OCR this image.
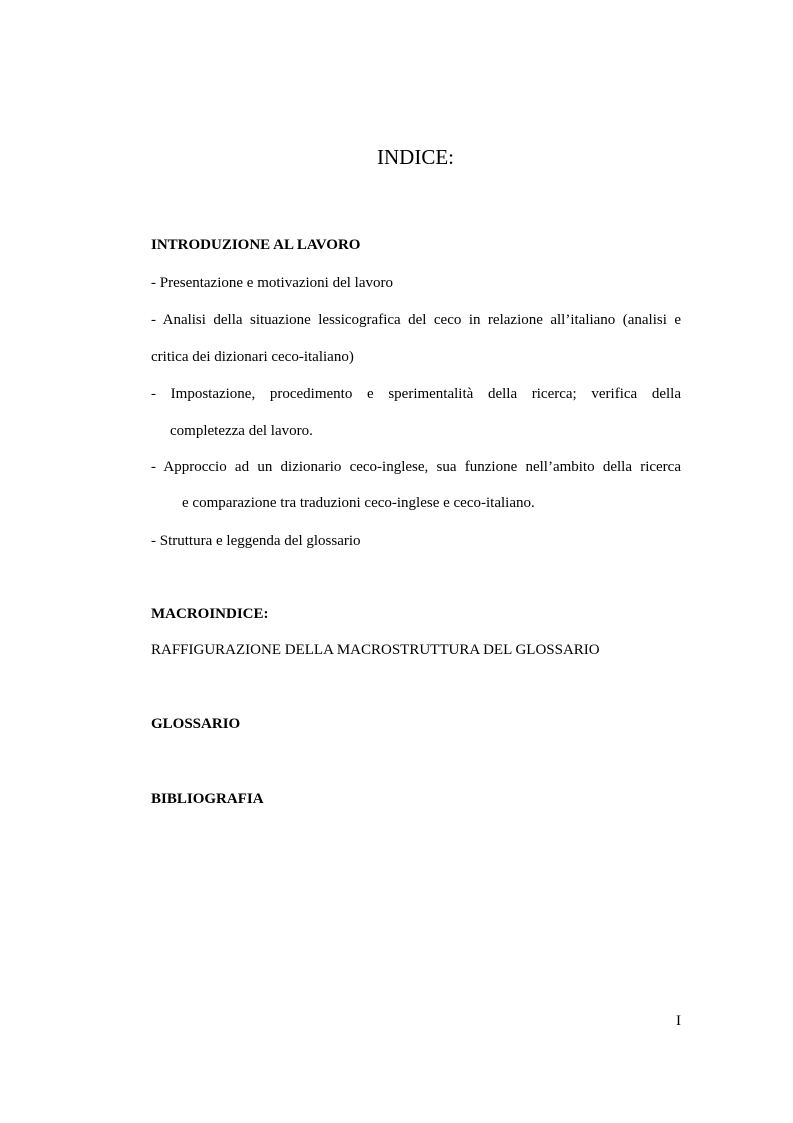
INDICE:
INTRODUZIONE AL LAVORO
- Presentazione e motivazioni del lavoro
- Analisi della situazione lessicografica del ceco in relazione all’italiano (analisi e
critica dei dizionari ceco-italiano)
- Impostazione, procedimento e sperimentalità della ricerca; verifica della
completezza del lavoro.
- Approccio ad un dizionario ceco-inglese, sua funzione nell’ambito della ricerca
e comparazione tra traduzioni ceco-inglese e ceco-italiano.
- Struttura e leggenda del glossario
MACROINDICE:
RAFFIGURAZIONE DELLA MACROSTRUTTURA DEL GLOSSARIO
GLOSSARIO
BIBLIOGRAFIA
I
